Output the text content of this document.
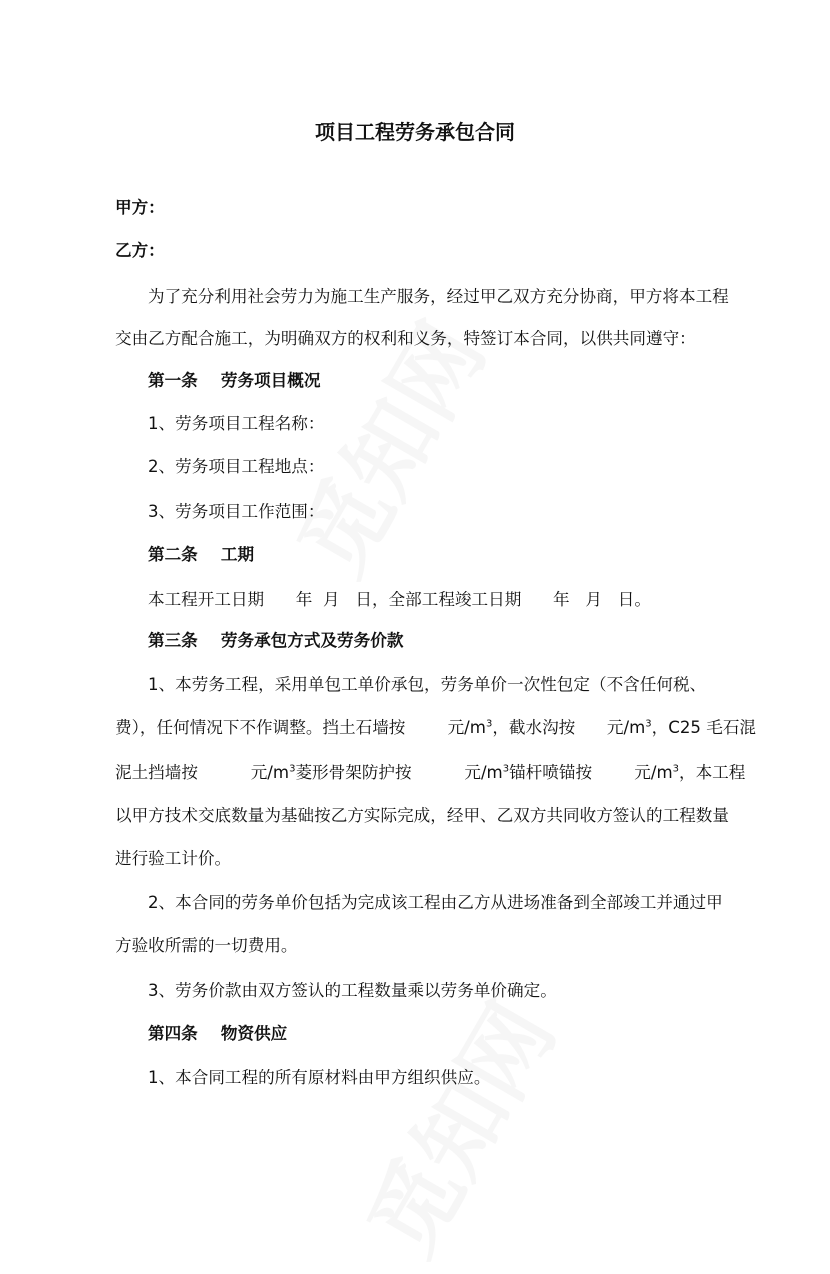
项目工程劳务承包合同
甲方：
乙方：
为了充分利用社会劳力为施工生产服务，经过甲乙双方充分协商，甲方将本工程
交由乙方配合施工，为明确双方的权利和义务，特签订本合同，以供共同遵守：
第一条    劳务项目概况
1、劳务项目工程名称：
2、劳务项目工程地点：
3、劳务项目工作范围：
第二条    工期
本工程开工日期      年  月   日，全部工程竣工日期      年   月   日。
第三条    劳务承包方式及劳务价款
1、本劳务工程，采用单包工单价承包，劳务单价一次性包定（不含任何税、
费），任何情况下不作调整。挡土石墙按        元$/m^3$，截水沟按      元$/m^3$，C25 毛石混
泥土挡墙按          元$/m^3$菱形骨架防护按          元$/m^3$锚杆喷锚按        元$/m^3$，本工程
以甲方技术交底数量为基础按乙方实际完成，经甲、乙双方共同收方签认的工程数量
进行验工计价。
2、本合同的劳务单价包括为完成该工程由乙方从进场准备到全部竣工并通过甲
方验收所需的一切费用。
3、劳务价款由双方签认的工程数量乘以劳务单价确定。
第四条    物资供应
1、本合同工程的所有原材料由甲方组织供应。
